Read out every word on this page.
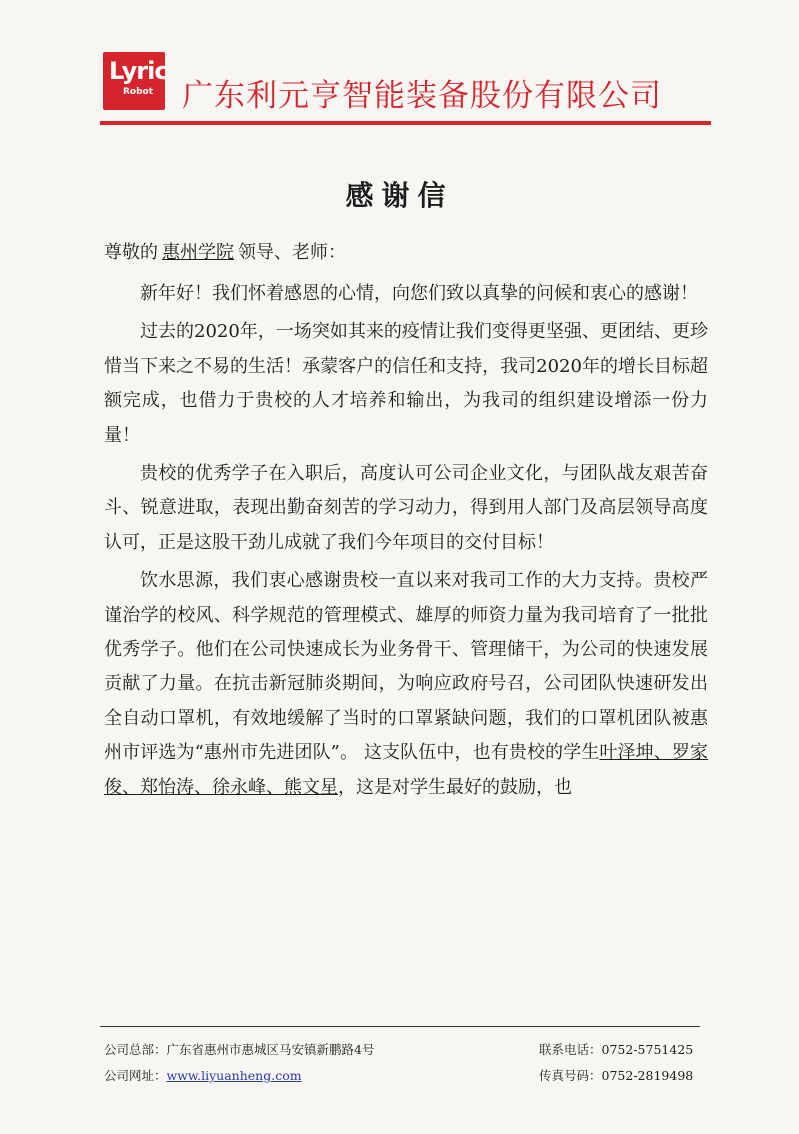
Lyric
Robot 广东利元亨智能装备股份有限公司
感谢信
尊敬的 惠州学院 领导、老师：

新年好！我们怀着感恩的心情，向您们致以真挚的问候和衷心的感谢！

过去的2020年，一场突如其来的疫情让我们变得更坚强、更团结、更珍惜当下来之不易的生活！承蒙客户的信任和支持，我司2020年的增长目标超额完成，也借力于贵校的人才培养和输出，为我司的组织建设增添一份力量！

贵校的优秀学子在入职后，高度认可公司企业文化，与团队战友艰苦奋斗、锐意进取，表现出勤奋刻苦的学习动力，得到用人部门及高层领导高度认可，正是这股干劲儿成就了我们今年项目的交付目标！

饮水思源，我们衷心感谢贵校一直以来对我司工作的大力支持。贵校严谨治学的校风、科学规范的管理模式、雄厚的师资力量为我司培育了一批批优秀学子。他们在公司快速成长为业务骨干、管理储干，为公司的快速发展贡献了力量。在抗击新冠肺炎期间，为响应政府号召，公司团队快速研发出全自动口罩机，有效地缓解了当时的口罩紧缺问题，我们的口罩机团队被惠州市评选为“惠州市先进团队”。 这支队伍中，也有贵校的学生叶泽坤、罗家俊、郑怡涛、徐永峰、熊文星，这是对学生最好的鼓励，也

公司总部：广东省惠州市惠城区马安镇新鹏路4号
公司网址：www.liyuanheng.com
联系电话：0752-5751425
传真号码：0752-2819498
